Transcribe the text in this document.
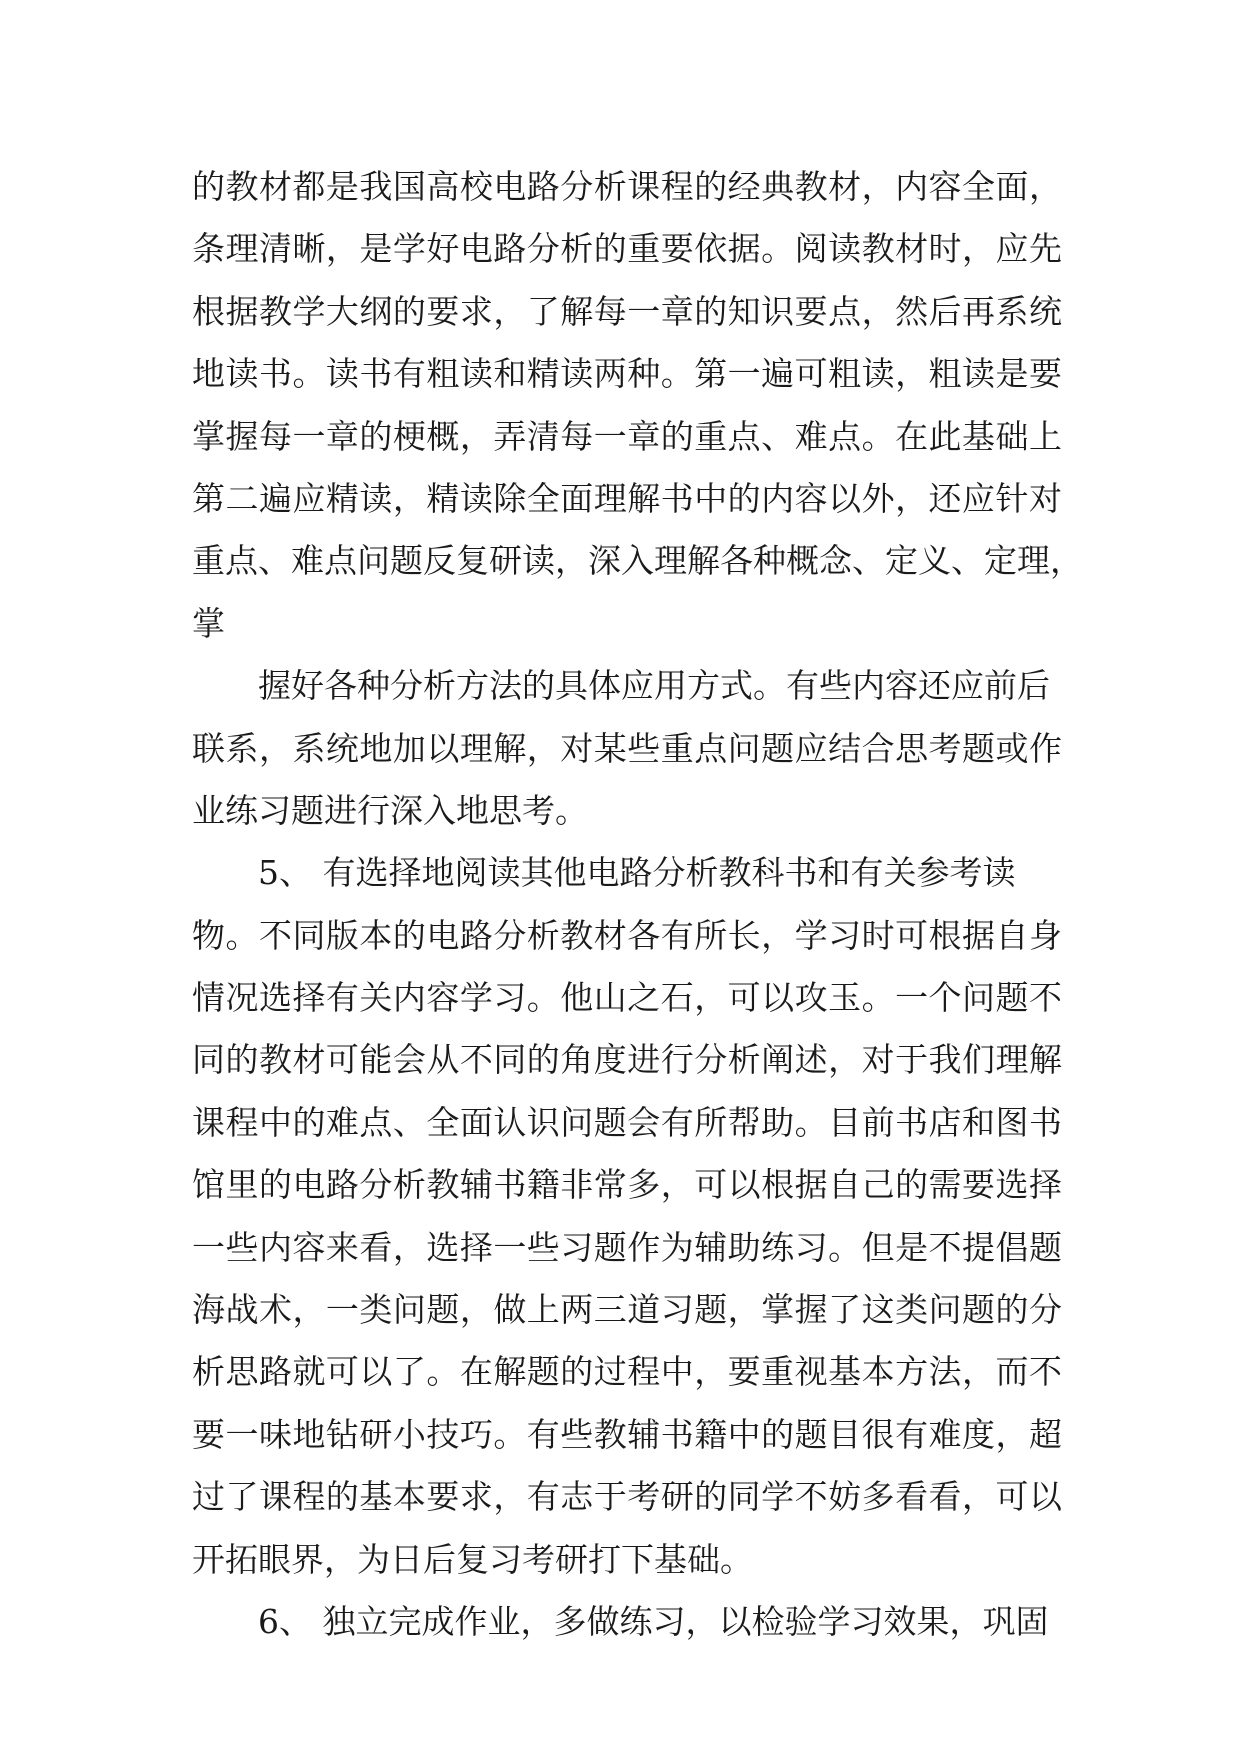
的教材都是我国高校电路分析课程的经典教材，内容全面，
条理清晰，是学好电路分析的重要依据。阅读教材时，应先
根据教学大纲的要求，了解每一章的知识要点，然后再系统
地读书。读书有粗读和精读两种。第一遍可粗读，粗读是要
掌握每一章的梗概，弄清每一章的重点、难点。在此基础上
第二遍应精读，精读除全面理解书中的内容以外，还应针对
重点、难点问题反复研读，深入理解各种概念、定义、定理，
掌
握好各种分析方法的具体应用方式。有些内容还应前后
联系，系统地加以理解，对某些重点问题应结合思考题或作
业练习题进行深入地思考。
5、 有选择地阅读其他电路分析教科书和有关参考读
物。不同版本的电路分析教材各有所长，学习时可根据自身
情况选择有关内容学习。他山之石，可以攻玉。一个问题不
同的教材可能会从不同的角度进行分析阐述，对于我们理解
课程中的难点、全面认识问题会有所帮助。目前书店和图书
馆里的电路分析教辅书籍非常多，可以根据自己的需要选择
一些内容来看，选择一些习题作为辅助练习。但是不提倡题
海战术，一类问题，做上两三道习题，掌握了这类问题的分
析思路就可以了。在解题的过程中，要重视基本方法，而不
要一味地钻研小技巧。有些教辅书籍中的题目很有难度，超
过了课程的基本要求，有志于考研的同学不妨多看看，可以
开拓眼界，为日后复习考研打下基础。
6、 独立完成作业，多做练习，以检验学习效果，巩固
